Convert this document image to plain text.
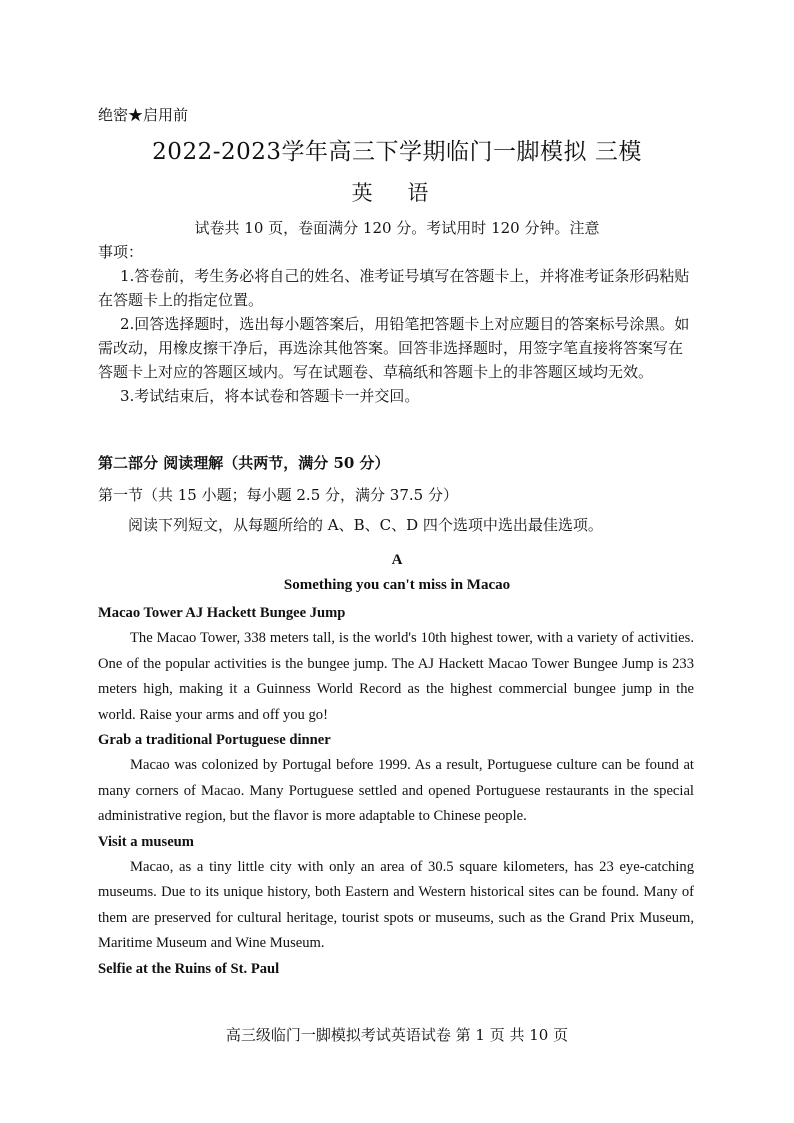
绝密★启用前
2022-2023学年高三下学期临门一脚模拟 三模
英 语

试卷共 10 页，卷面满分 120 分。考试用时 120 分钟。注意

事项：

1.答卷前，考生务必将自己的姓名、准考证号填写在答题卡上，并将准考证条形码粘贴在答题卡上的指定位置。

2.回答选择题时，选出每小题答案后，用铅笔把答题卡上对应题目的答案标号涂黑。如需改动，用橡皮擦干净后，再选涂其他答案。回答非选择题时，用签字笔直接将答案写在答题卡上对应的答题区域内。写在试题卷、草稿纸和答题卡上的非答题区域均无效。

3.考试结束后，将本试卷和答题卡一并交回。

第二部分 阅读理解（共两节，满分 50 分）
第一节（共 15 小题；每小题 2.5 分，满分 37.5 分）
阅读下列短文，从每题所给的 A、B、C、D 四个选项中选出最佳选项。
A
Something you can't miss in Macao
Macao Tower AJ Hackett Bungee Jump

The Macao Tower, 338 meters tall, is the world's 10th highest tower, with a variety of activities. One of the popular activities is the bungee jump. The AJ Hackett Macao Tower Bungee Jump is 233 meters high, making it a Guinness World Record as the highest commercial bungee jump in the world. Raise your arms and off you go!

Grab a traditional Portuguese dinner

Macao was colonized by Portugal before 1999. As a result, Portuguese culture can be found at many corners of Macao. Many Portuguese settled and opened Portuguese restaurants in the special administrative region, but the flavor is more adaptable to Chinese people.

Visit a museum

Macao, as a tiny little city with only an area of 30.5 square kilometers, has 23 eye-catching museums. Due to its unique history, both Eastern and Western historical sites can be found. Many of them are preserved for cultural heritage, tourist spots or museums, such as the Grand Prix Museum, Maritime Museum and Wine Museum.

Selfie at the Ruins of St. Paul
高三级临门一脚模拟考试英语试卷 第 1 页 共 10 页
